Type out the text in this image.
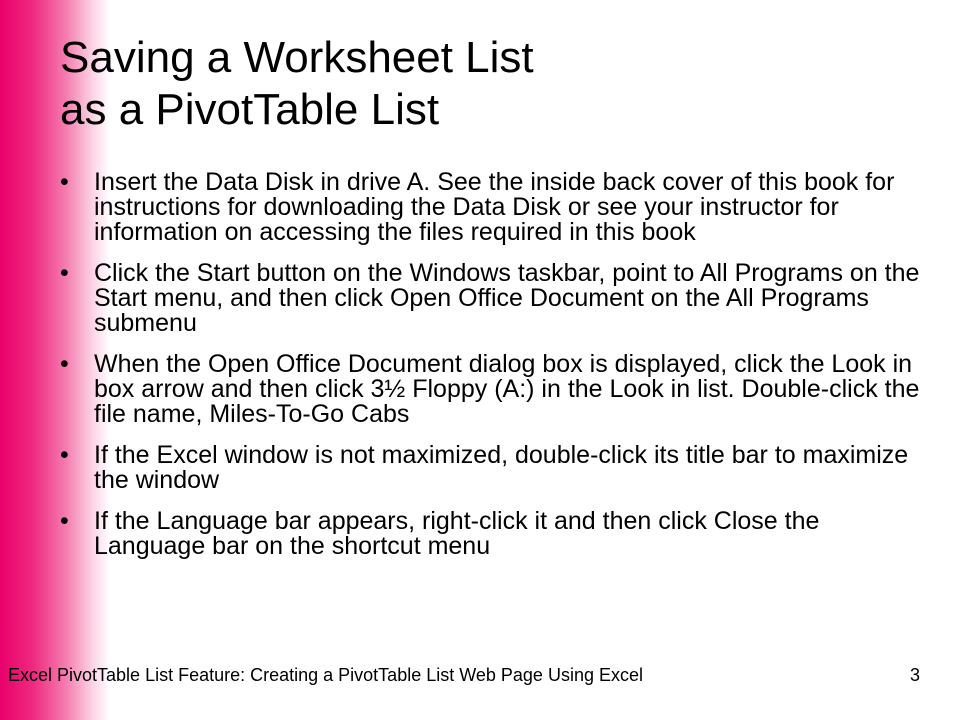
Saving a Worksheet List
as a PivotTable List
• Insert the Data Disk in drive A. See the inside back cover of this book for instructions for downloading the Data Disk or see your instructor for information on accessing the files required in this book
• Click the Start button on the Windows taskbar, point to All Programs on the Start menu, and then click Open Office Document on the All Programs submenu
• When the Open Office Document dialog box is displayed, click the Look in box arrow and then click 3½ Floppy (A:) in the Look in list. Double-click the file name, Miles-To-Go Cabs
• If the Excel window is not maximized, double-click its title bar to maximize the window
• If the Language bar appears, right-click it and then click Close the Language bar on the shortcut menu
Excel PivotTable List Feature: Creating a PivotTable List Web Page Using Excel	3
